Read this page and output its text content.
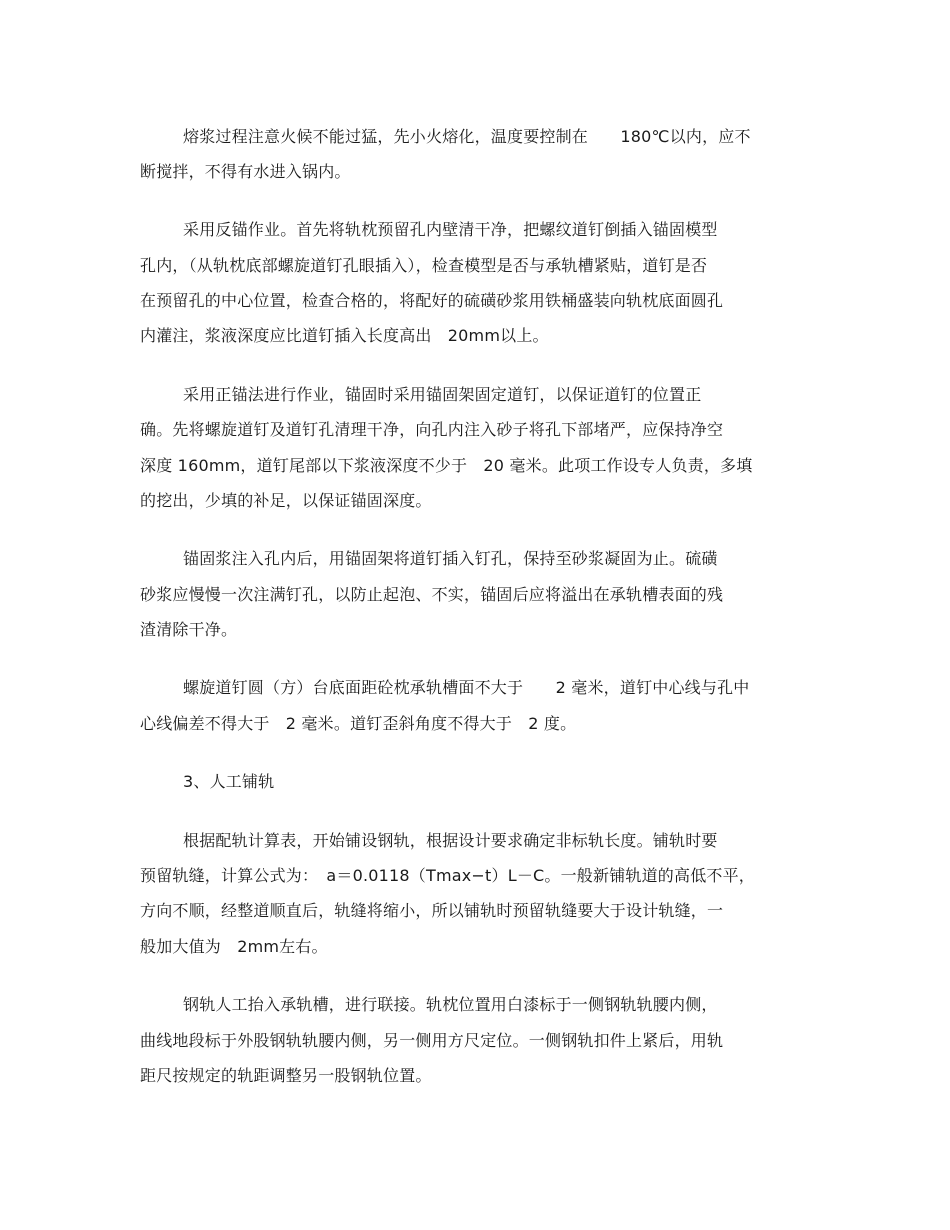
熔浆过程注意火候不能过猛，先小火熔化，温度要控制在　　180℃以内，应不
断搅拌，不得有水进入锅内。
采用反锚作业。首先将轨枕预留孔内壁清干净，把螺纹道钉倒插入锚固模型
孔内，（从轨枕底部螺旋道钉孔眼插入），检查模型是否与承轨槽紧贴，道钉是否
在预留孔的中心位置，检查合格的，将配好的硫磺砂浆用铁桶盛装向轨枕底面圆孔
内灌注，浆液深度应比道钉插入长度高出　20mm以上。
采用正锚法进行作业，锚固时采用锚固架固定道钉，以保证道钉的位置正
确。先将螺旋道钉及道钉孔清理干净，向孔内注入砂子将孔下部堵严，应保持净空
深度 160mm，道钉尾部以下浆液深度不少于　20 毫米。此项工作设专人负责，多填
的挖出，少填的补足，以保证锚固深度。
锚固浆注入孔内后，用锚固架将道钉插入钉孔，保持至砂浆凝固为止。硫磺
砂浆应慢慢一次注满钉孔，以防止起泡、不实，锚固后应将溢出在承轨槽表面的残
渣清除干净。
螺旋道钉圆（方）台底面距砼枕承轨槽面不大于　　2 毫米，道钉中心线与孔中
心线偏差不得大于　2 毫米。道钉歪斜角度不得大于　2 度。
3、人工铺轨
根据配轨计算表，开始铺设钢轨，根据设计要求确定非标轨长度。铺轨时要
预留轨缝，计算公式为：　a＝0.0118（Tmax−t）L－C。一般新铺轨道的高低不平，
方向不顺，经整道顺直后，轨缝将缩小，所以铺轨时预留轨缝要大于设计轨缝，一
般加大值为　2mm左右。
钢轨人工抬入承轨槽，进行联接。轨枕位置用白漆标于一侧钢轨轨腰内侧，
曲线地段标于外股钢轨轨腰内侧，另一侧用方尺定位。一侧钢轨扣件上紧后，用轨
距尺按规定的轨距调整另一股钢轨位置。
